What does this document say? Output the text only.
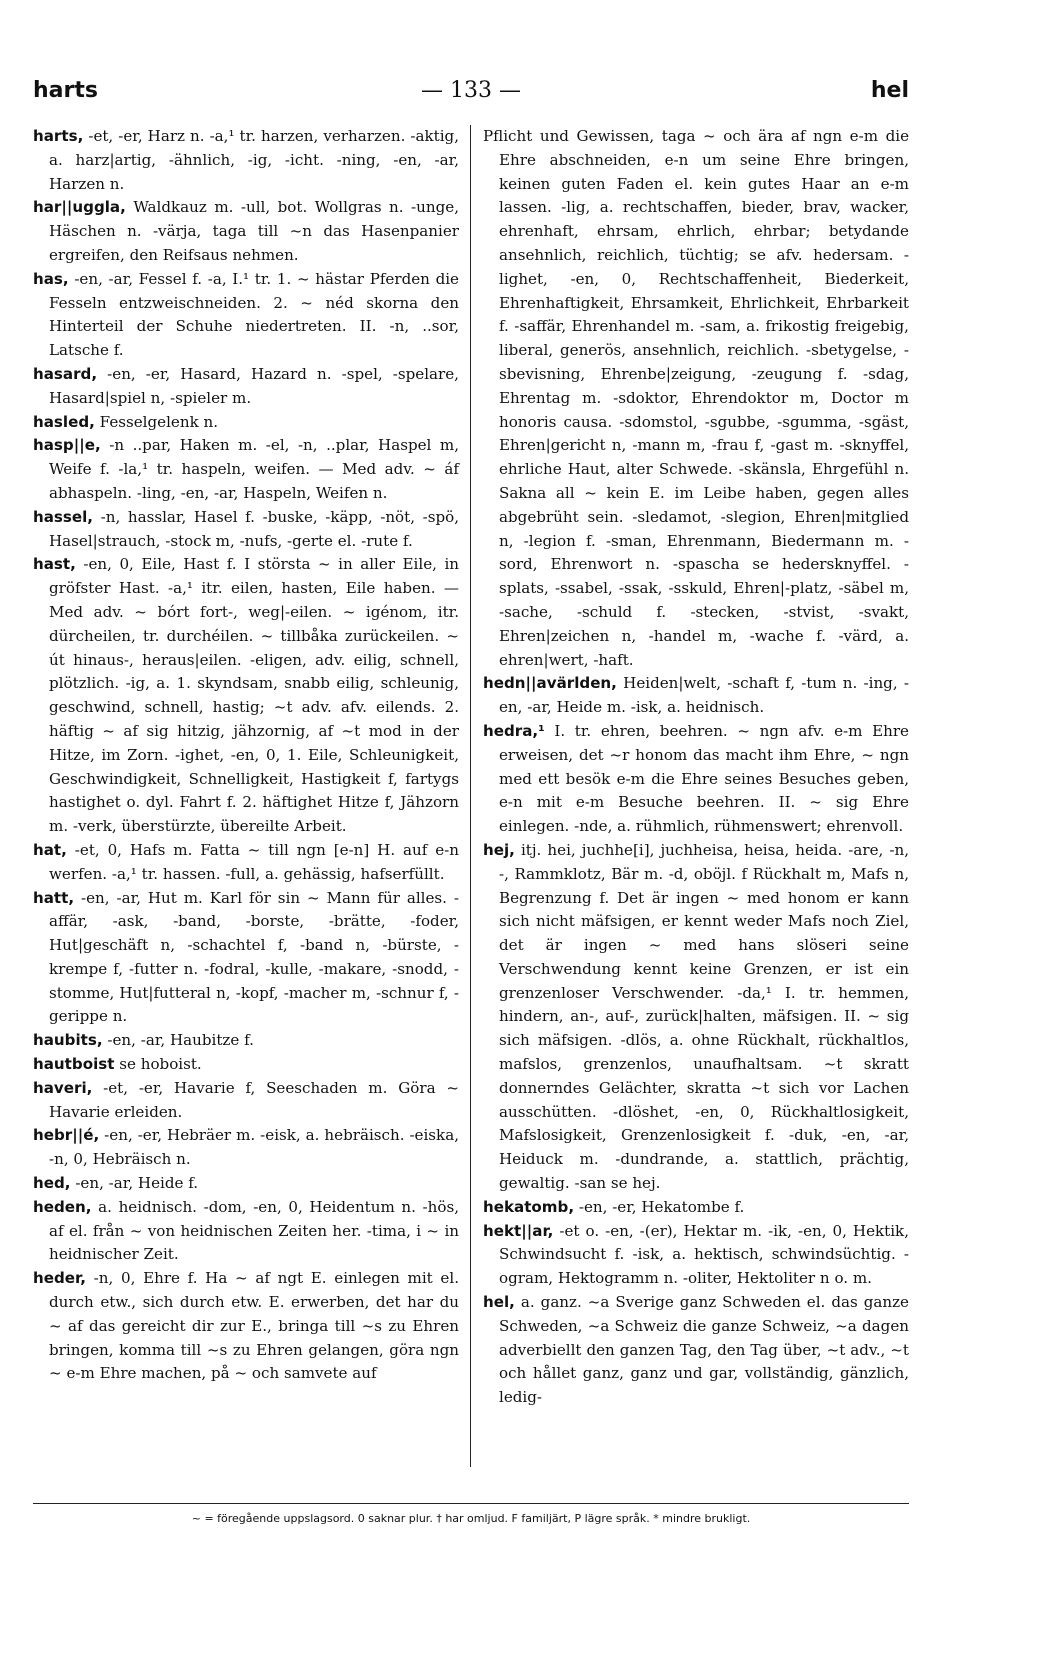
— 133 —
harts	hel

harts, -et, -er, Harz n. -a,¹ tr. harzen, verharzen. -aktig, a. harz|artig, -ähnlich, -ig, -icht. -ning, -en, -ar, Harzen n.

har||uggla, Waldkauz m. -ull, bot. Wollgras n. -unge, Häschen n. -värja, taga till ~n das Hasenpanier ergreifen, den Reifsaus nehmen.

has, -en, -ar, Fessel f. -a, I.¹ tr. 1. ~ hästar Pferden die Fesseln entzweischneiden. 2. ~ néd skorna den Hinterteil der Schuhe niedertreten. II. -n, ..sor, Latsche f.

hasard, -en, -er, Hasard, Hazard n. -spel, -spelare, Hasard|spiel n, -spieler m.

hasled, Fesselgelenk n.

hasp||e, -n ..par, Haken m. -el, -n, ..plar, Haspel m, Weife f. -la,¹ tr. haspeln, weifen. — Med adv. ~ áf abhaspeln. -ling, -en, -ar, Haspeln, Weifen n.

hassel, -n, hasslar, Hasel f. -buske, -käpp, -nöt, -spö, Hasel|strauch, -stock m, -nufs, -gerte el. -rute f.

hast, -en, 0, Eile, Hast f. I största ~ in aller Eile, in gröfster Hast. -a,¹ itr. eilen, hasten, Eile haben. — Med adv. ~ bórt fort-, weg|-eilen. ~ igénom, itr. dürcheilen, tr. durchéilen. ~ tillbåka zurückeilen. ~ út hinaus-, heraus|eilen. -eligen, adv. eilig, schnell, plötzlich. -ig, a. 1. skyndsam, snabb eilig, schleunig, geschwind, schnell, hastig; ~t adv. afv. eilends. 2. häftig ~ af sig hitzig, jähzornig, af ~t mod in der Hitze, im Zorn. -ighet, -en, 0, 1. Eile, Schleunigkeit, Geschwindigkeit, Schnelligkeit, Hastigkeit f, fartygs hastighet o. dyl. Fahrt f. 2. häftighet Hitze f, Jähzorn m. -verk, überstürzte, übereilte Arbeit.

hat, -et, 0, Hafs m. Fatta ~ till ngn [e-n] H. auf e-n werfen. -a,¹ tr. hassen. -full, a. gehässig, hafserfüllt.

hatt, -en, -ar, Hut m. Karl för sin ~ Mann für alles. -affär, -ask, -band, -borste, -brätte, -foder, Hut|geschäft n, -schachtel f, -band n, -bürste, -krempe f, -futter n. -fodral, -kulle, -makare, -snodd, -stomme, Hut|futteral n, -kopf, -macher m, -schnur f, -gerippe n.

haubits, -en, -ar, Haubitze f.

hautboist se hoboist.

haveri, -et, -er, Havarie f, Seeschaden m. Göra ~ Havarie erleiden.

hebr||é, -en, -er, Hebräer m. -eisk, a. hebräisch. -eiska, -n, 0, Hebräisch n.

hed, -en, -ar, Heide f.

heden, a. heidnisch. -dom, -en, 0, Heidentum n. -hös, af el. från ~ von heidnischen Zeiten her. -tima, i ~ in heidnischer Zeit.

heder, -n, 0, Ehre f. Ha ~ af ngt E. einlegen mit el. durch etw., sich durch etw. E. erwerben, det har du ~ af das gereicht dir zur E., bringa till ~s zu Ehren bringen, komma till ~s zu Ehren gelangen, göra ngn ~ e-m Ehre machen, på ~ och samvete auf

Pflicht und Gewissen, taga ~ och ära af ngn e-m die Ehre abschneiden, e-n um seine Ehre bringen, keinen guten Faden el. kein gutes Haar an e-m lassen. -lig, a. rechtschaffen, bieder, brav, wacker, ehrenhaft, ehrsam, ehrlich, ehrbar; betydande ansehnlich, reichlich, tüchtig; se afv. hedersam. -lighet, -en, 0, Rechtschaffenheit, Biederkeit, Ehrenhaftigkeit, Ehrsamkeit, Ehrlichkeit, Ehrbarkeit f. -saffär, Ehrenhandel m. -sam, a. frikostig freigebig, liberal, generös, ansehnlich, reichlich. -sbetygelse, -sbevisning, Ehrenbe|zeigung, -zeugung f. -sdag, Ehrentag m. -sdoktor, Ehrendoktor m, Doctor m honoris causa. -sdomstol, -sgubbe, -sgumma, -sgäst, Ehren|gericht n, -mann m, -frau f, -gast m. -sknyffel, ehrliche Haut, alter Schwede. -skänsla, Ehrgefühl n. Sakna all ~ kein E. im Leibe haben, gegen alles abgebrüht sein. -sledamot, -slegion, Ehren|mitglied n, -legion f. -sman, Ehrenmann, Biedermann m. -sord, Ehrenwort n. -spascha se hedersknyffel. -splats, -ssabel, -ssak, -sskuld, Ehren|-platz, -säbel m, -sache, -schuld f. -stecken, -stvist, -svakt, Ehren|zeichen n, -handel m, -wache f. -värd, a. ehren|wert, -haft.

hedn||avärlden, Heiden|welt, -schaft f, -tum n. -ing, -en, -ar, Heide m. -isk, a. heidnisch.

hedra,¹ I. tr. ehren, beehren. ~ ngn afv. e-m Ehre erweisen, det ~r honom das macht ihm Ehre, ~ ngn med ett besök e-m die Ehre seines Besuches geben, e-n mit e-m Besuche beehren. II. ~ sig Ehre einlegen. -nde, a. rühmlich, rühmenswert; ehrenvoll.

hej, itj. hei, juchhe[i], juchheisa, heisa, heida. -are, -n, -, Rammklotz, Bär m. -d, oböjl. f Rückhalt m, Mafs n, Begrenzung f. Det är ingen ~ med honom er kann sich nicht mäfsigen, er kennt weder Mafs noch Ziel, det är ingen ~ med hans slöseri seine Verschwendung kennt keine Grenzen, er ist ein grenzenloser Verschwender. -da,¹ I. tr. hemmen, hindern, an-, auf-, zurück|halten, mäfsigen. II. ~ sig sich mäfsigen. -dlös, a. ohne Rückhalt, rückhaltlos, mafslos, grenzenlos, unaufhaltsam. ~t skratt donnerndes Gelächter, skratta ~t sich vor Lachen ausschütten. -dlöshet, -en, 0, Rückhaltlosigkeit, Mafslosigkeit, Grenzenlosigkeit f. -duk, -en, -ar, Heiduck m. -dundrande, a. stattlich, prächtig, gewaltig. -san se hej.

hekatomb, -en, -er, Hekatombe f.

hekt||ar, -et o. -en, -(er), Hektar m. -ik, -en, 0, Hektik, Schwindsucht f. -isk, a. hektisch, schwindsüchtig. -ogram, Hektogramm n. -oliter, Hektoliter n o. m.

hel, a. ganz. ~a Sverige ganz Schweden el. das ganze Schweden, ~a Schweiz die ganze Schweiz, ~a dagen adverbiellt den ganzen Tag, den Tag über, ~t adv., ~t och hållet ganz, ganz und gar, vollständig, gänzlich, ledig-

~ = föregående uppslagsord. 0 saknar plur. † har omljud. F familjärt, P lägre språk. * mindre brukligt.
